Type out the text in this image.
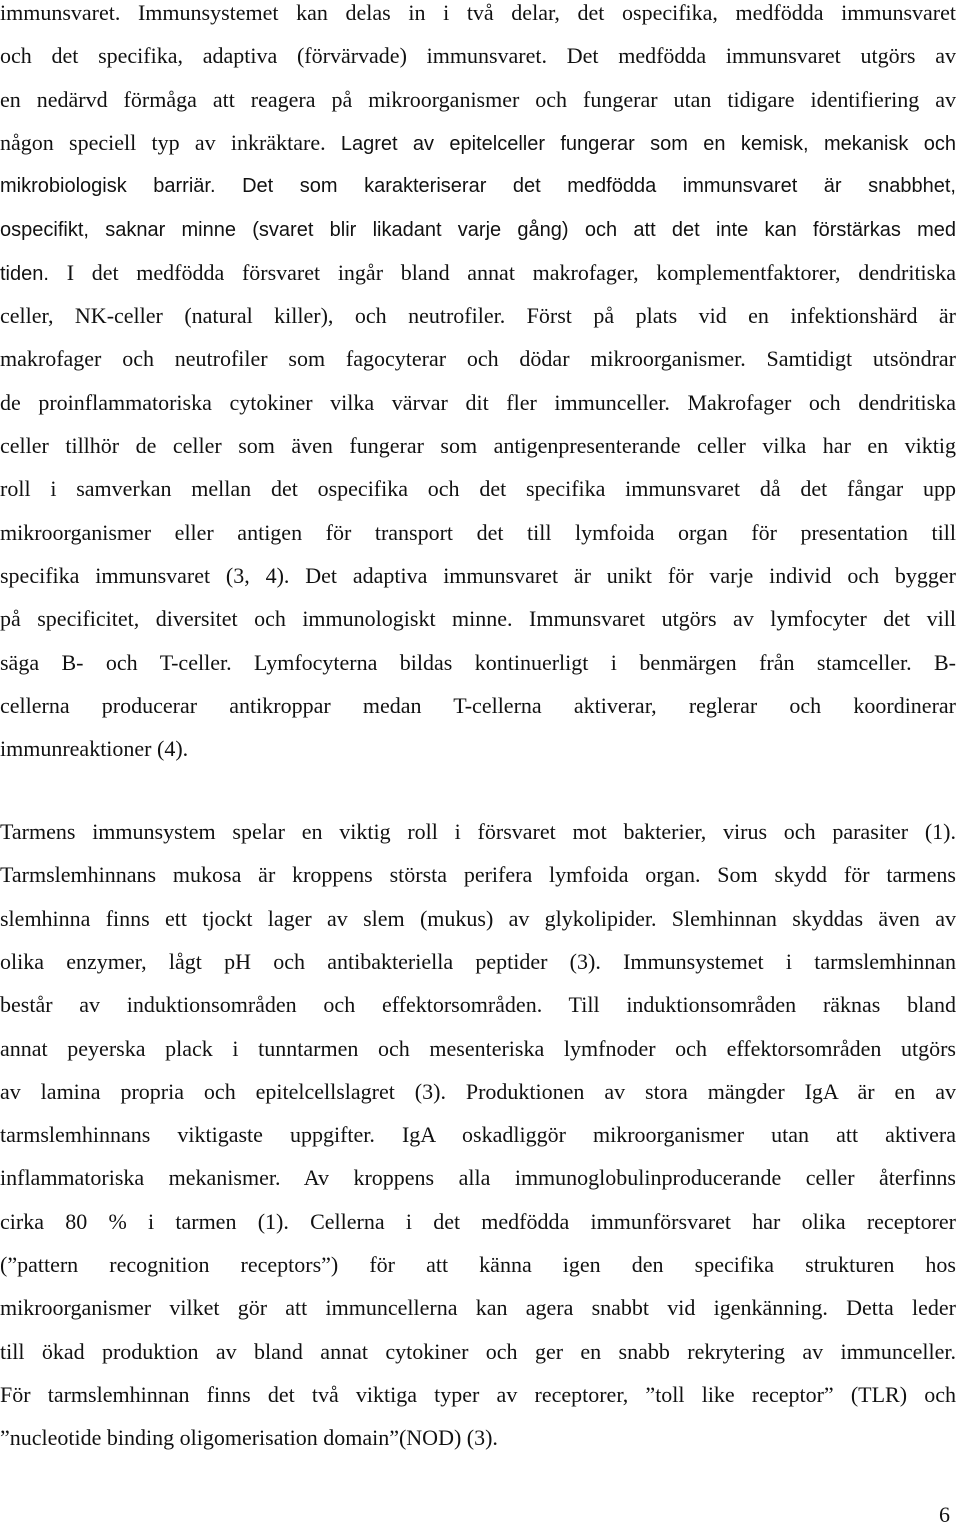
immunsvaret. Immunsystemet kan delas in i två delar, det ospecifika, medfödda immunsvaret
och det specifika, adaptiva (förvärvade) immunsvaret. Det medfödda immunsvaret utgörs av
en nedärvd förmåga att reagera på mikroorganismer och fungerar utan tidigare identifiering av
någon speciell typ av inkräktare. Lagret av epitelceller fungerar som en kemisk, mekanisk och
mikrobiologisk barriär. Det som karakteriserar det medfödda immunsvaret är snabbhet,
ospecifikt, saknar minne (svaret blir likadant varje gång) och att det inte kan förstärkas med
tiden. I det medfödda försvaret ingår bland annat makrofager, komplementfaktorer, dendritiska
celler, NK-celler (natural killer), och neutrofiler. Först på plats vid en infektionshärd är
makrofager och neutrofiler som fagocyterar och dödar mikroorganismer. Samtidigt utsöndrar
de proinflammatoriska cytokiner vilka värvar dit fler immunceller. Makrofager och dendritiska
celler tillhör de celler som även fungerar som antigenpresenterande celler vilka har en viktig
roll i samverkan mellan det ospecifika och det specifika immunsvaret då det fångar upp
mikroorganismer eller antigen för transport det till lymfoida organ för presentation till
specifika immunsvaret (3, 4). Det adaptiva immunsvaret är unikt för varje individ och bygger
på specificitet, diversitet och immunologiskt minne. Immunsvaret utgörs av lymfocyter det vill
säga B- och T-celler. Lymfocyterna bildas kontinuerligt i benmärgen från stamceller. B-
cellerna producerar antikroppar medan T-cellerna aktiverar, reglerar och koordinerar
immunreaktioner (4).
Tarmens immunsystem spelar en viktig roll i försvaret mot bakterier, virus och parasiter (1).
Tarmslemhinnans mukosa är kroppens största perifera lymfoida organ. Som skydd för tarmens
slemhinna finns ett tjockt lager av slem (mukus) av glykolipider. Slemhinnan skyddas även av
olika enzymer, lågt pH och antibakteriella peptider (3). Immunsystemet i tarmslemhinnan
består av induktionsområden och effektorsområden. Till induktionsområden räknas bland
annat peyerska plack i tunntarmen och mesenteriska lymfnoder och effektorsområden utgörs
av lamina propria och epitelcellslagret (3). Produktionen av stora mängder IgA är en av
tarmslemhinnans viktigaste uppgifter. IgA oskadliggör mikroorganismer utan att aktivera
inflammatoriska mekanismer. Av kroppens alla immunoglobulinproducerande celler återfinns
cirka 80 % i tarmen (1). Cellerna i det medfödda immunförsvaret har olika receptorer
(”pattern recognition receptors”) för att känna igen den specifika strukturen hos
mikroorganismer vilket gör att immuncellerna kan agera snabbt vid igenkänning. Detta leder
till ökad produktion av bland annat cytokiner och ger en snabb rekrytering av immunceller.
För tarmslemhinnan finns det två viktiga typer av receptorer, ”toll like receptor” (TLR) och
”nucleotide binding oligomerisation domain”(NOD) (3).
6
